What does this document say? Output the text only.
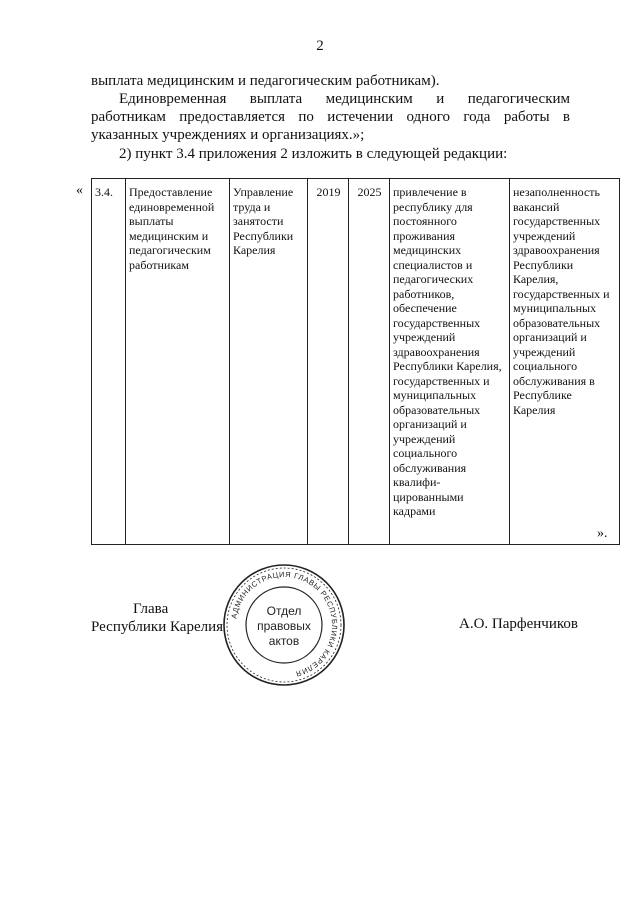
2
выплата медицинским и педагогическим работникам).
Единовременная выплата медицинским и педагогическим
работникам предоставляется по истечении одного года работы в
указанных учреждениях и организациях.»;
2) пункт 3.4 приложения 2 изложить в следующей редакции:
« 3.4.	Предоставление единовременной выплаты медицинским и педагогическим работникам	Управление труда и занятости Республики Карелия	2019	2025	привлечение в республику для постоянного проживания медицинских специалистов и педагогических работников, обеспечение государственных учреждений здравоохранения Республики Карелия, государственных и муниципальных образовательных организаций и учреждений социального обслуживания квалифи-цированными кадрами	незаполненность вакансий государственных учреждений здравоохранения Республики Карелия, государственных и муниципальных образовательных организаций и учреждений социального обслуживания в Республике Карелия
».
Глава
Республики Карелия
АДМИНИСТРАЦИЯ ГЛАВЫ РЕСПУБЛИКИ КАРЕЛИЯ
Отдел
правовых
актов
А.О. Парфенчиков
